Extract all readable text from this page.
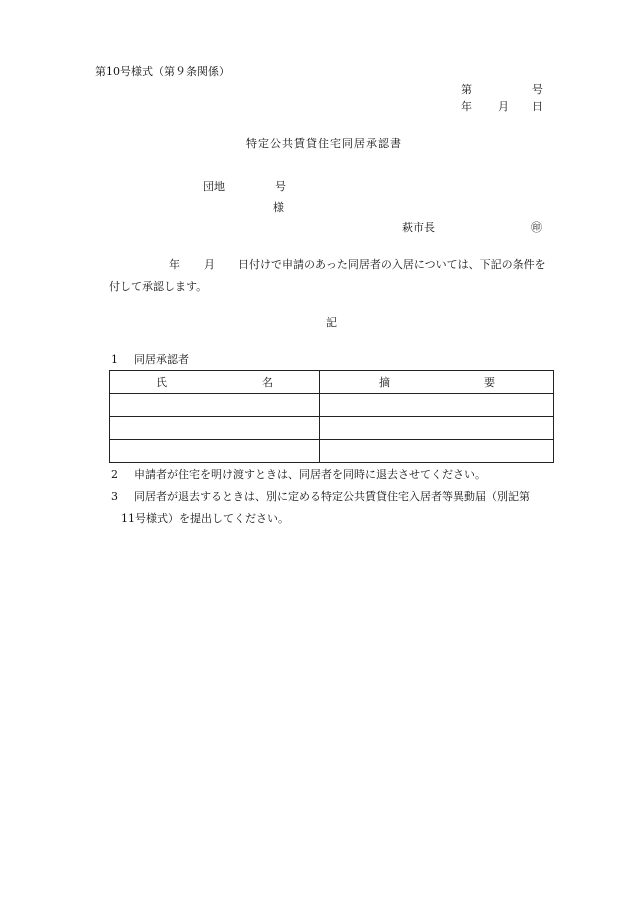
第10号様式（第９条関係）
第	号
年 月 日
特定公共賃貸住宅同居承認書
団地	号
様
萩市長	㊞
年 月 日付けで申請のあった同居者の入居については、下記の条件を
付して承認します。
記
1 同居承認者
氏 名	摘 要

2 申請者が住宅を明け渡すときは、同居者を同時に退去させてください。
3 同居者が退去するときは、別に定める特定公共賃貸住宅入居者等異動届（別記第
11号様式）を提出してください。
